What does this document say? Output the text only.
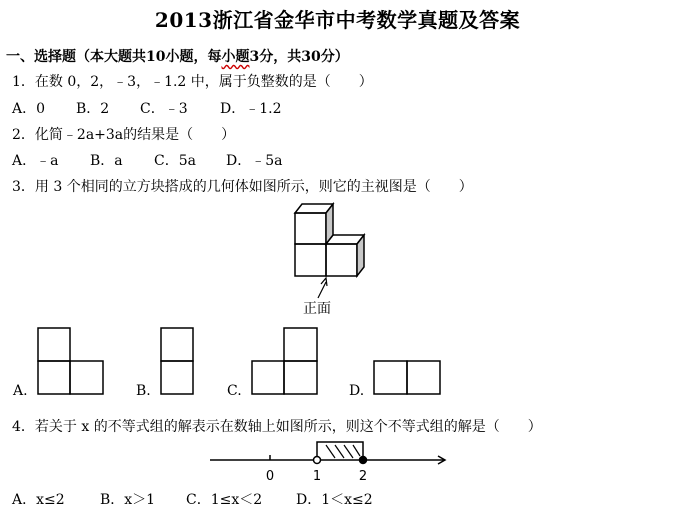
2013浙江省金华市中考数学真题及答案
一、选择题（本大题共10小题，每小题3分，共30分）
1．在数 0，2，﹣3，﹣1.2 中，属于负整数的是（　　）
A．0 B．2 C．﹣3 D．﹣1.2
2．化简﹣2a+3a的结果是（　　）
A．﹣a B．a C．5a D．﹣5a
3．用 3 个相同的立方块搭成的几何体如图所示，则它的主视图是（　　）
正面
A.	B.	C.	D.
4．若关于 x 的不等式组的解表示在数轴上如图所示，则这个不等式组的解是（　　）
0	1	2
A．x≤2	B．x＞1 C．1≤x＜2 D．1＜x≤2
